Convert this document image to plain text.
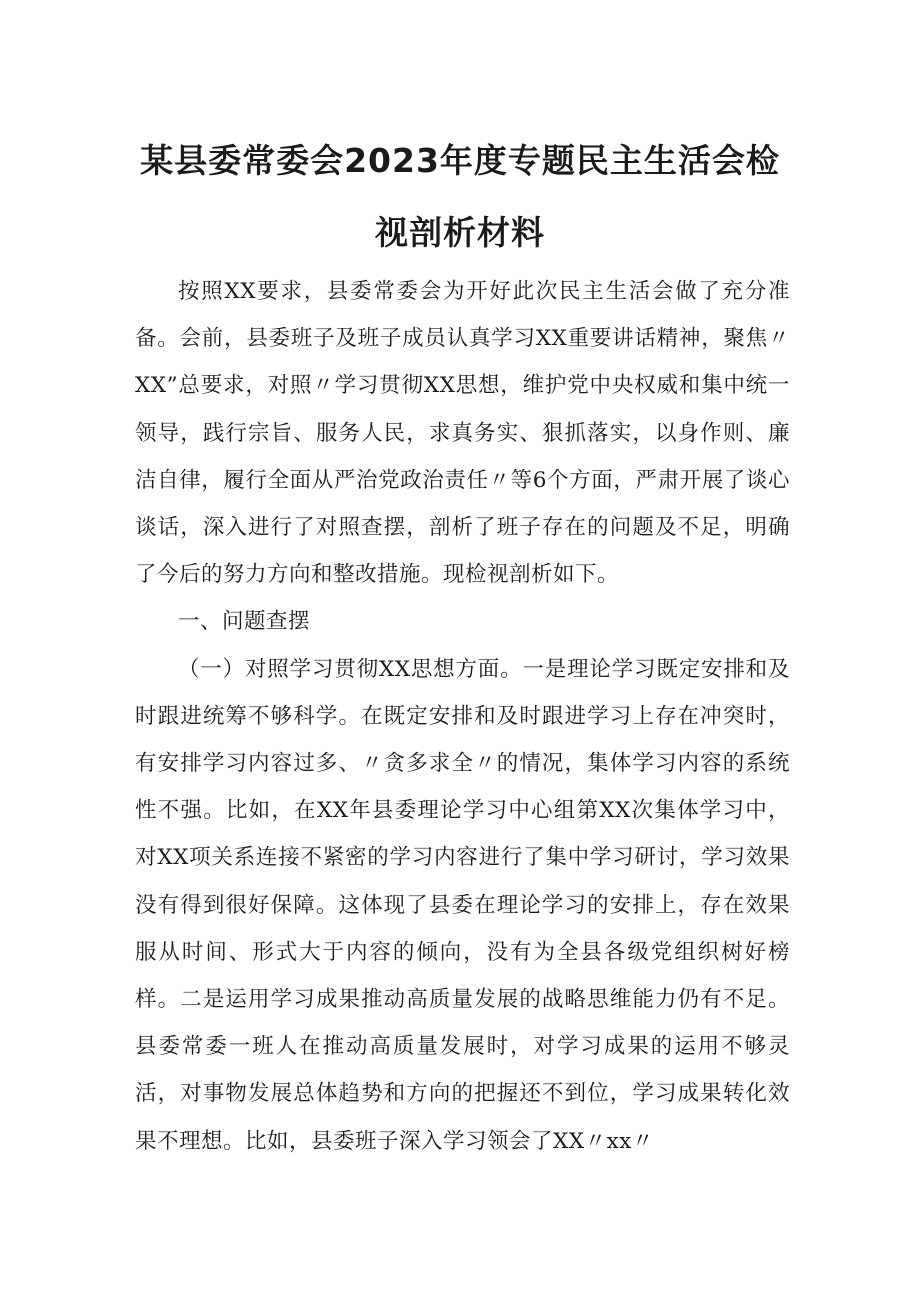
某县委常委会2023年度专题民主生活会检
视剖析材料

按照XX要求，县委常委会为开好此次民主生活会做了充分准备。会前，县委班子及班子成员认真学习XX重要讲话精神，聚焦〃XX”总要求，对照〃学习贯彻XX思想，维护党中央权威和集中统一领导，践行宗旨、服务人民，求真务实、狠抓落实，以身作则、廉洁自律，履行全面从严治党政治责任〃等6个方面，严肃开展了谈心谈话，深入进行了对照查摆，剖析了班子存在的问题及不足，明确了今后的努力方向和整改措施。现检视剖析如下。

一、问题查摆

（一）对照学习贯彻XX思想方面。一是理论学习既定安排和及时跟进统筹不够科学。在既定安排和及时跟进学习上存在冲突时，有安排学习内容过多、〃贪多求全〃的情况，集体学习内容的系统性不强。比如，在XX年县委理论学习中心组第XX次集体学习中，对XX项关系连接不紧密的学习内容进行了集中学习研讨，学习效果没有得到很好保障。这体现了县委在理论学习的安排上，存在效果服从时间、形式大于内容的倾向，没有为全县各级党组织树好榜样。二是运用学习成果推动高质量发展的战略思维能力仍有不足。县委常委一班人在推动高质量发展时，对学习成果的运用不够灵活，对事物发展总体趋势和方向的把握还不到位，学习成果转化效果不理想。比如，县委班子深入学习领会了XX〃xx〃
